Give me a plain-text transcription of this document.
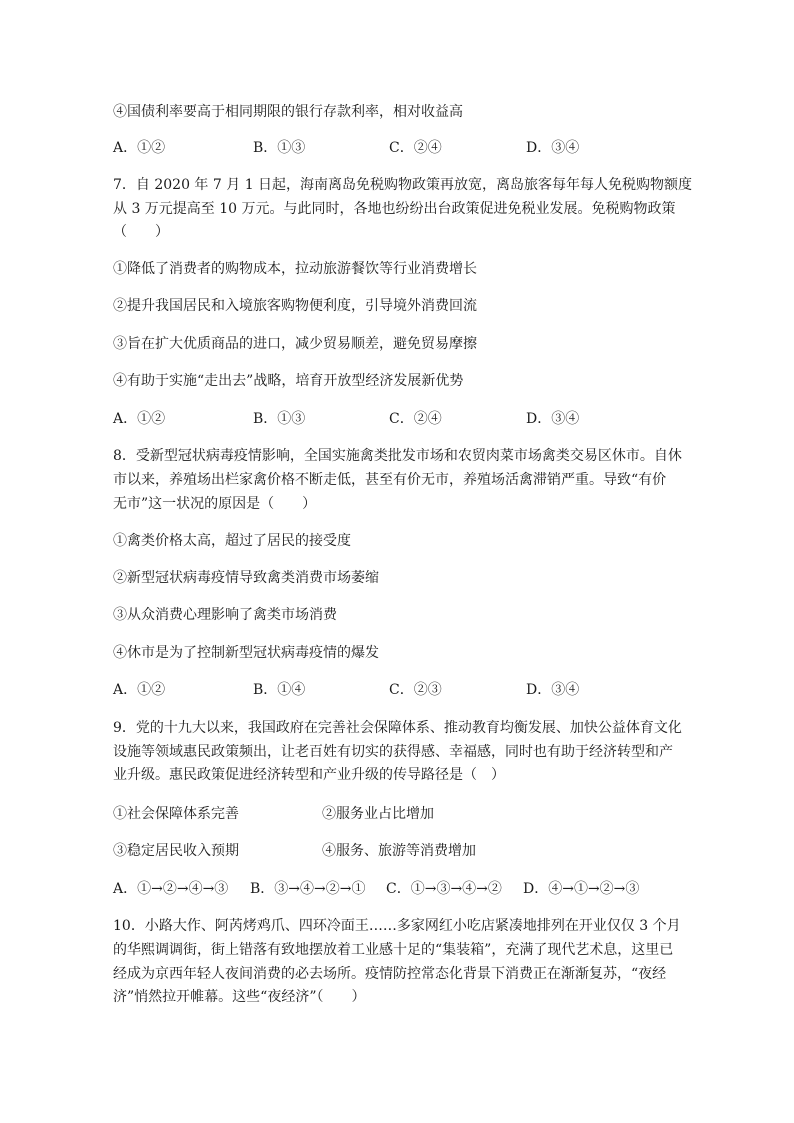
④国债利率要高于相同期限的银行存款利率，相对收益高
A．①②	B．①③	C．②④	D．③④
7．自 2020 年 7 月 1 日起，海南离岛免税购物政策再放宽，离岛旅客每年每人免税购物额度
从 3 万元提高至 10 万元。与此同时，各地也纷纷出台政策促进免税业发展。免税购物政策
（　　）
①降低了消费者的购物成本，拉动旅游餐饮等行业消费增长
②提升我国居民和入境旅客购物便利度，引导境外消费回流
③旨在扩大优质商品的进口，减少贸易顺差，避免贸易摩擦
④有助于实施“走出去”战略，培育开放型经济发展新优势
A．①②	B．①③	C．②④	D．③④
8．受新型冠状病毒疫情影响，全国实施禽类批发市场和农贸肉菜市场禽类交易区休市。自休
市以来，养殖场出栏家禽价格不断走低，甚至有价无市，养殖场活禽滞销严重。导致“有价
无市”这一状况的原因是（　　）
①禽类价格太高，超过了居民的接受度
②新型冠状病毒疫情导致禽类消费市场萎缩
③从众消费心理影响了禽类市场消费
④休市是为了控制新型冠状病毒疫情的爆发
A．①②	B．①④	C．②③	D．③④
9．党的十九大以来，我国政府在完善社会保障体系、推动教育均衡发展、加快公益体育文化
设施等领域惠民政策频出，让老百姓有切实的获得感、幸福感，同时也有助于经济转型和产
业升级。惠民政策促进经济转型和产业升级的传导路径是（　）
①社会保障体系完善	②服务业占比增加
③稳定居民收入预期	④服务、旅游等消费增加
A．①→②→④→③ B．③→④→②→① C．①→③→④→② D．④→①→②→③
10．小路大作、阿芮烤鸡爪、四环冷面王……多家网红小吃店紧凑地排列在开业仅仅 3 个月
的华熙调调街，街上错落有致地摆放着工业感十足的“集装箱”，充满了现代艺术息，这里已
经成为京西年轻人夜间消费的必去场所。疫情防控常态化背景下消费正在渐渐复苏，“夜经
济”悄然拉开帷幕。这些“夜经济”（　　）
